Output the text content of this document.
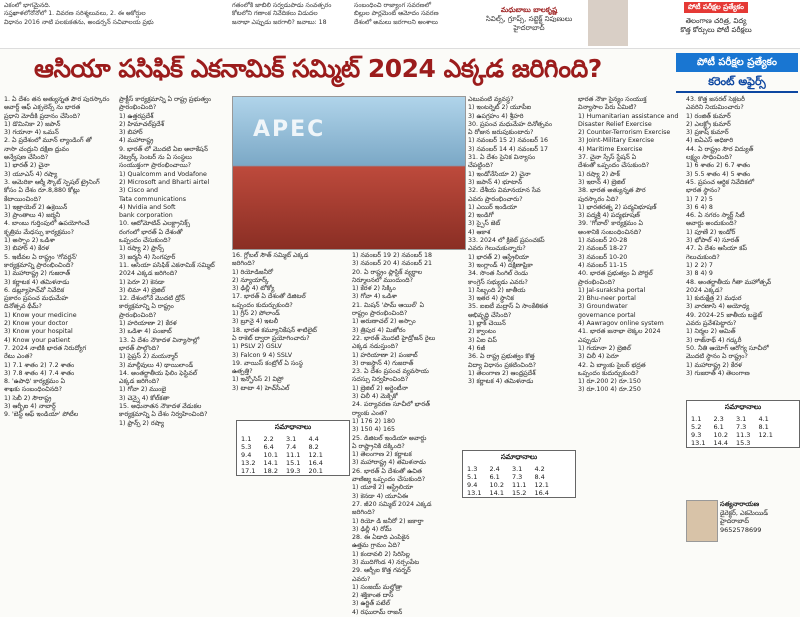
ఎకంలో భాగమైనది.
సప్తఖాళలోనోనోలో 1. వివరణ సరిశ్మలువలు, 2. ఈ అకోర్షుల
విధానం 2016 నాటి పలకుకతను, అండర్సన్ సచివాలయ ప్రభు
గతంలోకి జాబిలి సర్వడుపాడు సంవత్సరం
కోటలోని గణాంక నివేదికలు విడుదల
జనాభా ఎప్పుడు జరగాలి? జవాబు: 18
సంబంధించి రాజ్యాంగ సవరణలో
బిల్లుల పార్లమెంట్ ఆమోదం సవరణ
దేశంలో అమలు జరగాలని అంశాలు
మధుబాబు బాలకృష్ణ
సివిల్స్, గ్రూప్స్, సబ్జెక్ట్ నిపుణులు
హైదరాబాద్
పోటీ పరీక్షల ప్రత్యేకం
తెలంగాణ చరిత్ర, విద్య
కొత్త కోర్సులు పోటీ పరీక్షలు
ఆసియా పసిఫిక్ ఎకనామిక్ సమ్మిట్ 2024 ఎక్కడ జరిగింది?	పోటీ పరీక్షల ప్రత్యేకం
కరెంట్ అఫైర్స్
1. ఏ దేశం తన అత్యున్నత పౌర పురస్కారం
అవార్డ్ ఆఫ్ ఎక్సలెన్స్ ను భారత
ప్రధాని మోదీకి ప్రదానం చేసింది?
1) డొమినికా 2) జపాన్
3) గయానా 4) ఒమన్
2. ఏ ప్రదేశంలో మూన్ ల్యాండింగ్ తో
నాసా చంద్రుని దక్షిణ ధ్రువం
అన్వేషణ చేసింది?
1) భారత్ 2) చైనా
3) యూఎస్ 4) రష్యా
3. అమెరికా ఆర్మీ స్కౌట్ స్పెషల్ ట్రైనింగ్
కోసం ఏ దేశం రూ.8,880 కోట్లు
కేటాయించింది?
1) ఇజ్రాయెల్ 2) ఉక్రెయిన్
3) ప్రాంతాలు 4) జర్మనీ
4. బాంబు గుర్తింపులో ఉపయోగించే
కృత్రిమ మేధస్సు కార్యక్రమం?
1) అస్సాం 2) ఒడిశా
3) బిహార్ 4) కేరళ
5. ఇటీవల ఏ రాష్ట్రం 'గోవర్ధన్'
కార్యక్రమాన్ని ప్రారంభించింది?
1) మహారాష్ట్ర 2) గుజరాత్
3) కర్ణాటక 4) తమిళనాడు
6. డబ్ల్యూహెచ్‌వో నివేదిక
ప్రకారం ప్రపంచ మధుమేహ
దినోత్సవ థీమ్?
1) Know your medicine
2) Know your doctor
3) Know your hospital
4) Know your patient
7. 2024 నాటికి భారత నిరుద్యోగ
రేటు ఎంత?
1) 7.1 శాతం 2) 7.2 శాతం
3) 7.8 శాతం 4) 7.4 శాతం
8. 'ఉపాధి' కార్యక్రమం ఏ
శాఖకు సంబంధించినది?
1) సెబీ 2) సౌరాష్ట్ర
3) ఆర్బీఐ 4) నాబార్డ్
9. 'బెస్ట్ ఆఫ్ ఇండియా' పోటీల
ప్రాక్టీస్ కార్యక్రమాన్ని ఏ రాష్ట్ర ప్రభుత్వం
ప్రారంభించింది?
1) ఉత్తరప్రదేశ్
2) హిమాచల్‌ప్రదేశ్
3) బిహార్
4) మహారాష్ట్ర
9. భారత్ లో మొదటి ఏఐ అలాకేషన్
నెట్వర్క్ సెంటర్ ను ఏ సంస్థలు
సంయుక్తంగా ప్రారంభించాయి?
1) Qualcomm and Vodafone
2) Microsoft and Bharti airtel
3) Cisco and
Tata communications
4) Nvidia and Soft
bank corporation
10. ఆటోమోటివ్ ఎలక్ట్రానిక్స్
రంగంలో భారత్ ఏ దేశంతో
ఒప్పందం చేసుకుంది?
1) రష్యా 2) ఫ్రాన్స్
3) జర్మనీ 4) సింగపూర్
11. ఆసియా పసిఫిక్ ఎకనామిక్ సమ్మిట్
2024 ఎక్కడ జరిగింది?
1) పెరూ 2) కెనడా
3) లిమా 4) బ్రెజిల్
12. దేశంలోనే మొదటి డ్రోన్
కార్యక్రమాన్ని ఏ రాష్ట్రం
ప్రారంభించింది?
1) హరియాణా 2) కేరళ
3) ఒడిశా 4) పంజాబ్
13. ఏ దేశం నౌకాదళ విన్యాసాల్లో
భారత్ పాల్గొంది?
1) సైప్రస్ 2) మయన్మార్
3) మాల్దీవులు 4) థాయిలాండ్
14. అంతర్జాతీయ ఫిలిం ఫెస్టివల్
ఎక్కడ జరిగింది?
1) గోవా 2) ముంబై
3) చెన్నై 4) కోల్‌కతా
15. అధునాతన నౌకాదళ వేడుకల
కార్యక్రమాన్ని ఏ దేశం నిర్వహించింది?
1) ఫ్రాన్స్ 2) రష్యా
APEC
16. గ్లోబల్ సౌత్ సమ్మిట్ ఎక్కడ
జరిగింది?
1) రియోడిజనీరో
2) న్యూయార్క్
3) ఢిల్లీ 4) టోక్యో
17. భారత్ ఏ దేశంతో డిజిటల్
ఒప్పందం కుదుర్చుకుంది?
1) గ్రీస్ 2) పోలాండ్
3) బ్రూనై 4) ఇటలీ
18. భారత కమ్యూనికేషన్ శాటిలైట్
ఏ రాకెట్ ద్వారా ప్రయోగించారు?
1) PSLV 2) GSLV
3) Falcon 9 4) SSLV
19. వాయిస్ కంట్రోల్ ఏ సంస్థ
ఉత్పత్తి?
1) ఇన్ఫోసిస్ 2) విప్రో
3) టాటా 4) హెచ్‌సీఎల్
1) నవంబర్ 19 2) నవంబర్ 18
3) నవంబర్ 20 4) నవంబర్ 21
20. ఏ రాష్ట్రం ప్లాస్టిక్ వ్యర్థాల
నిర్మూలనలో ముందుంది?
1) కేరళ 2) సిక్కిం
3) గోవా 4) ఒడిశా
21. మిషన్ 'పామ్ ఆయిల్' ఏ
రాష్ట్రం ప్రారంభించింది?
1) అరుణాచల్ 2) అస్సాం
3) త్రిపుర 4) మిజోరం
22. భారత్ మొదటి హైడ్రోజన్ రైలు
ఎక్కడ నడుస్తుంది?
1) హరియాణా 2) పంజాబ్
3) రాజస్థాన్ 4) గుజరాత్
23. ఏ దేశం ప్రపంచ వ్యవసాయ
సదస్సు నిర్వహించింది?
1) బ్రెజిల్ 2) అర్జెంటీనా
3) చిలీ 4) మెక్సికో
24. పర్యావరణ సూచీలో భారత్
ర్యాంకు ఎంత?
1) 176 2) 180
3) 150 4) 165
25. డిజిటల్ ఇండియా అవార్డు
ఏ రాష్ట్రానికి దక్కింది?
1) తెలంగాణ 2) కర్ణాటక
3) మహారాష్ట్ర 4) తమిళనాడు
26. భారత్ ఏ దేశంతో ఉచిత
వాణిజ్య ఒప్పందం చేసుకుంది?
1) యూకే 2) ఆస్ట్రేలియా
3) కెనడా 4) యూఏఈ
27. జీ20 సమ్మిట్ 2024 ఎక్కడ
జరిగింది?
1) రియో డి జనీరో 2) జకార్తా
3) ఢిల్లీ 4) రోమ్
28. ఈ ఏడాది ఎంపికైన
ఉత్తమ గ్రామం ఏది?
1) కందావలి 2) సిరిసిల్ల
3) ముదిగొండ 4) నర్సంపేట
29. ఆర్బీఐ కొత్త గవర్నర్
ఎవరు?
1) సంజయ్ మల్హోత్రా
2) శక్తికాంత దాస్
3) ఉర్జిత్ పటేల్
4) రఘురామ్ రాజన్
ఎటువంటి వ్యవస్థ?
1) ఇంటర్నెట్ 2) యూపీఐ
3) ఉపగ్రహం 4) శ్రీహరి
30. ప్రపంచ మధుమేహ దినోత్సవం
ఏ రోజున జరుపుకుంటారు?
1) నవంబర్ 15 2) నవంబర్ 16
3) నవంబర్ 14 4) నవంబర్ 17
31. ఏ దేశం సైనిక విన్యాసం
చేపట్టింది?
1) ఇండోనేసియా 2) చైనా
3) జపాన్ 4) భూటాన్
32. దేశీయ విమానయాన సేవ
ఎవరు ప్రారంభించారు?
1) ఎయిర్ ఇండియా
2) ఇండిగో
3) స్పైస్ జెట్
4) ఆకాశ
33. 2024 లో క్రికెట్ ప్రపంచకప్
ఎవరు గెలుచుకున్నారు?
1) భారత్ 2) ఆస్ట్రేలియా
3) ఇంగ్లాండ్ 4) దక్షిణాఫ్రికా
34. సొంత సింగిల్ రెండు
కాంగ్రెస్ సభ్యుడు ఎవరు?
1) సిబ్బంది 2) జాతీయ
3) ఇతర 4) స్థానిక
35. ఐఐటీ మద్రాస్ ఏ సాంకేతికత
అభివృద్ధి చేసింది?
1) బ్లాక్ చెయిన్
2) క్వాంటం
3) ఏఐ చిప్
4) 6జీ
36. ఏ రాష్ట్ర ప్రభుత్వం కొత్త
విద్యా విధానం ప్రకటించింది?
1) తెలంగాణ 2) ఆంధ్రప్రదేశ్
3) కర్ణాటక 4) తమిళనాడు
భారత నౌకా సైన్యం సంయుక్త
విన్యాసాల పేరు ఏమిటి?
1) Humanitarian assistance and
Disaster Relief Exercise
2) Counter-Terrorism Exercise
3) Joint-Military Exercise
4) Maritime Exercise
37. చైనా స్పేస్ స్టేషన్ ఏ
దేశంతో ఒప్పందం చేసుకుంది?
1) రష్యా 2) పాక్
3) ఇరాన్ 4) బ్రెజిల్
38. భారత అత్యున్నత పౌర
పురస్కారం ఏది?
1) భారతరత్న 2) పద్మవిభూషణ్
3) పద్మశ్రీ 4) పద్మభూషణ్
39. 'గోవాల్' కార్యక్రమం ఏ
అంశానికి సంబంధించినది?
1) నవంబర్ 20-28
2) నవంబర్ 18-27
3) నవంబర్ 10-20
4) నవంబర్ 11-15
40. భారత ప్రభుత్వం ఏ పోర్టల్
ప్రారంభించింది?
1) Jal-suraksha portal
2) Bhu-neer portal
3) Groundwater
governance portal
4) Aawragov online system
41. భారత జనాభా లెక్కల 2024
ఎప్పుడు?
1) గయానా 2) బ్రెజిల్
3) చిలీ 4) పెరూ
42. ఏ బ్యాంకు సైబర్ భద్రత
ఒప్పందం కుదుర్చుకుంది?
1) రూ.200 2) రూ.150
3) రూ.100 4) రూ.250
43. కొత్త జనరల్ సెక్రటరీ
ఎవరిని నియమించారు?
1) రంజిత్ కుమార్
2) ఎలక్ట్రో కుమార్
3) ప్రకాష్ కుమార్
4) ఐఏఎస్ అధికారి
44. ఏ రాష్ట్రం సౌర విద్యుత్
లక్ష్యం సాధించింది?
1) 6 శాతం 2) 6.7 శాతం
3) 5.5 శాతం 4) 5 శాతం
45. ప్రపంచ ఆర్థిక నివేదికలో
భారత స్థానం?
1) 7 2) 5
3) 6 4) 8
46. ఏ నగరం స్మార్ట్ సిటీ
అవార్డు అందుకుంది?
1) పూణే 2) ఇండోర్
3) భోపాల్ 4) సూరత్
47. ఏ దేశం ఆసియా కప్
గెలుచుకుంది?
1) 2 2) 7
3) 8 4) 9
48. అంతర్జాతీయ గీతా మహోత్సవ్
2024 ఎక్కడ?
1) కురుక్షేత్ర 2) మధుర
3) వారణాసి 4) అయోధ్య
49. 2024-25 జాతీయ బడ్జెట్
ఎవరు ప్రవేశపెట్టారు?
1) నిర్మల 2) అమిత్
3) రాజ్‌నాథ్ 4) గడ్కరీ
50. నీతి ఆయోగ్ ఆరోగ్య సూచీలో
మొదటి స్థానం ఏ రాష్ట్రం?
1) మహారాష్ట్ర 2) కేరళ
3) గుజరాత్ 4) తెలంగాణ
సమాధానాలు
1.1	2.2	3.1	4.4
5.3	6.4	7.4	8.2
9.4	10.1	11.1	12.1
13.2	14.1	15.1	16.4
17.1	18.2	19.3	20.1
సమాధానాలు
1.3	2.4	3.1	4.2
5.1	6.1	7.3	8.4
9.4	10.2	11.1	12.1
13.1	14.1	15.2	16.4
సమాధానాలు
1.1	2.3	3.1	4.1
5.2	6.1	7.3	8.1
9.3	10.2	11.3	12.1
13.1	14.4	15.3	
సత్యనారాయణ
డైరెక్టర్, ఎకమెయిడ్
హైదరాబాద్
9652578699
